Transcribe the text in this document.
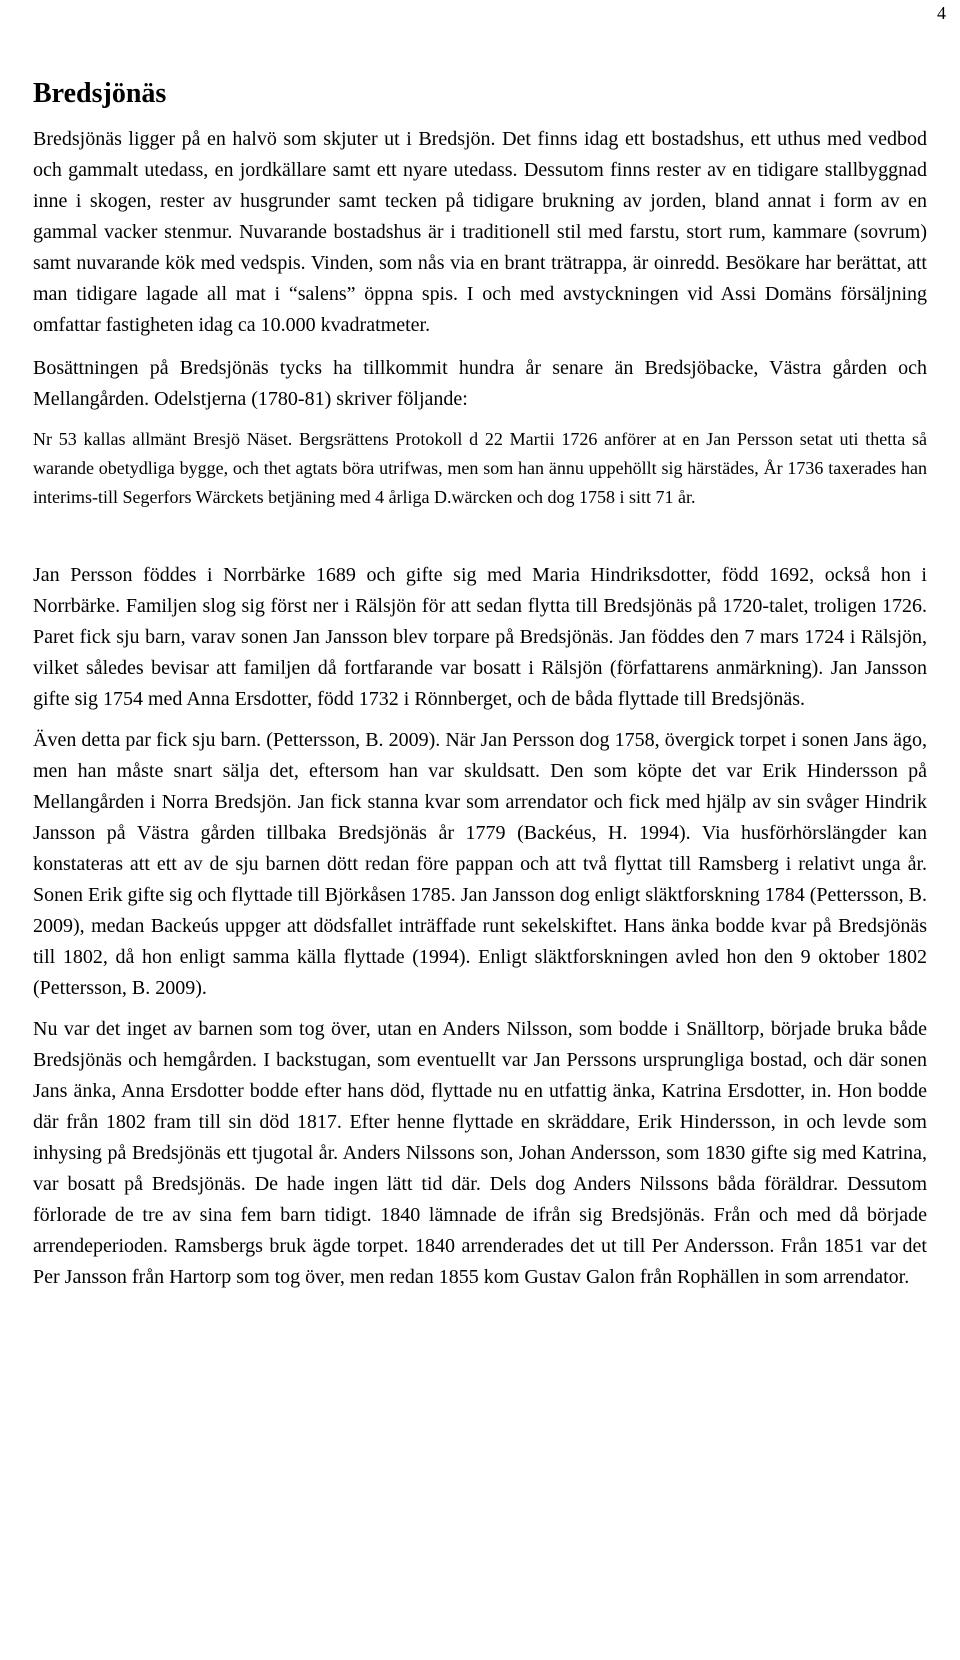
4
Bredsjönäs

Bredsjönäs ligger på en halvö som skjuter ut i Bredsjön. Det finns idag ett bostadshus, ett uthus med vedbod och gammalt utedass, en jordkällare samt ett nyare utedass. Dessutom finns rester av en tidigare stallbyggnad inne i skogen, rester av husgrunder samt tecken på tidigare brukning av jorden, bland annat i form av en gammal vacker stenmur. Nuvarande bostadshus är i traditionell stil med farstu, stort rum, kammare (sovrum) samt nuvarande kök med vedspis. Vinden, som nås via en brant trätrappa, är oinredd. Besökare har berättat, att man tidigare lagade all mat i “salens” öppna spis. I och med avstyckningen vid Assi Domäns försäljning omfattar fastigheten idag ca 10.000 kvadratmeter.

Bosättningen på Bredsjönäs tycks ha tillkommit hundra år senare än Bredsjöbacke, Västra gården och Mellangården. Odelstjerna (1780-81) skriver följande:

Nr 53 kallas allmänt Bresjö Näset. Bergsrättens Protokoll d 22 Martii 1726 anförer at en Jan Persson setat uti thetta så warande obetydliga bygge, och thet agtats böra utrifwas, men som han ännu uppehöllt sig härstädes, År 1736 taxerades han interims-till Segerfors Wärckets betjäning med 4 årliga D.wärcken och dog 1758 i sitt 71 år.

Jan Persson föddes i Norrbärke 1689 och gifte sig med Maria Hindriksdotter, född 1692, också hon i Norrbärke. Familjen slog sig först ner i Rälsjön för att sedan flytta till Bredsjönäs på 1720-talet, troligen 1726. Paret fick sju barn, varav sonen Jan Jansson blev torpare på Bredsjönäs. Jan föddes den 7 mars 1724 i Rälsjön, vilket således bevisar att familjen då fortfarande var bosatt i Rälsjön (författarens anmärkning). Jan Jansson gifte sig 1754 med Anna Ersdotter, född 1732 i Rönnberget, och de båda flyttade till Bredsjönäs.

Även detta par fick sju barn. (Pettersson, B. 2009). När Jan Persson dog 1758, övergick torpet i sonen Jans ägo, men han måste snart sälja det, eftersom han var skuldsatt. Den som köpte det var Erik Hindersson på Mellangården i Norra Bredsjön. Jan fick stanna kvar som arrendator och fick med hjälp av sin svåger Hindrik Jansson på Västra gården tillbaka Bredsjönäs år 1779 (Backéus, H. 1994). Via husförhörslängder kan konstateras att ett av de sju barnen dött redan före pappan och att två flyttat till Ramsberg i relativt unga år. Sonen Erik gifte sig och flyttade till Björkåsen 1785. Jan Jansson dog enligt släktforskning 1784 (Pettersson, B. 2009), medan Backeús uppger att dödsfallet inträffade runt sekelskiftet. Hans änka bodde kvar på Bredsjönäs till 1802, då hon enligt samma källa flyttade (1994). Enligt släktforskningen avled hon den 9 oktober 1802 (Pettersson, B. 2009).

Nu var det inget av barnen som tog över, utan en Anders Nilsson, som bodde i Snälltorp, började bruka både Bredsjönäs och hemgården. I backstugan, som eventuellt var Jan Perssons ursprungliga bostad, och där sonen Jans änka, Anna Ersdotter bodde efter hans död, flyttade nu en utfattig änka, Katrina Ersdotter, in. Hon bodde där från 1802 fram till sin död 1817. Efter henne flyttade en skräddare, Erik Hindersson, in och levde som inhysing på Bredsjönäs ett tjugotal år. Anders Nilssons son, Johan Andersson, som 1830 gifte sig med Katrina, var bosatt på Bredsjönäs. De hade ingen lätt tid där. Dels dog Anders Nilssons båda föräldrar. Dessutom förlorade de tre av sina fem barn tidigt. 1840 lämnade de ifrån sig Bredsjönäs. Från och med då började arrendeperioden. Ramsbergs bruk ägde torpet. 1840 arrenderades det ut till Per Andersson. Från 1851 var det Per Jansson från Hartorp som tog över, men redan 1855 kom Gustav Galon från Rophällen in som arrendator.
